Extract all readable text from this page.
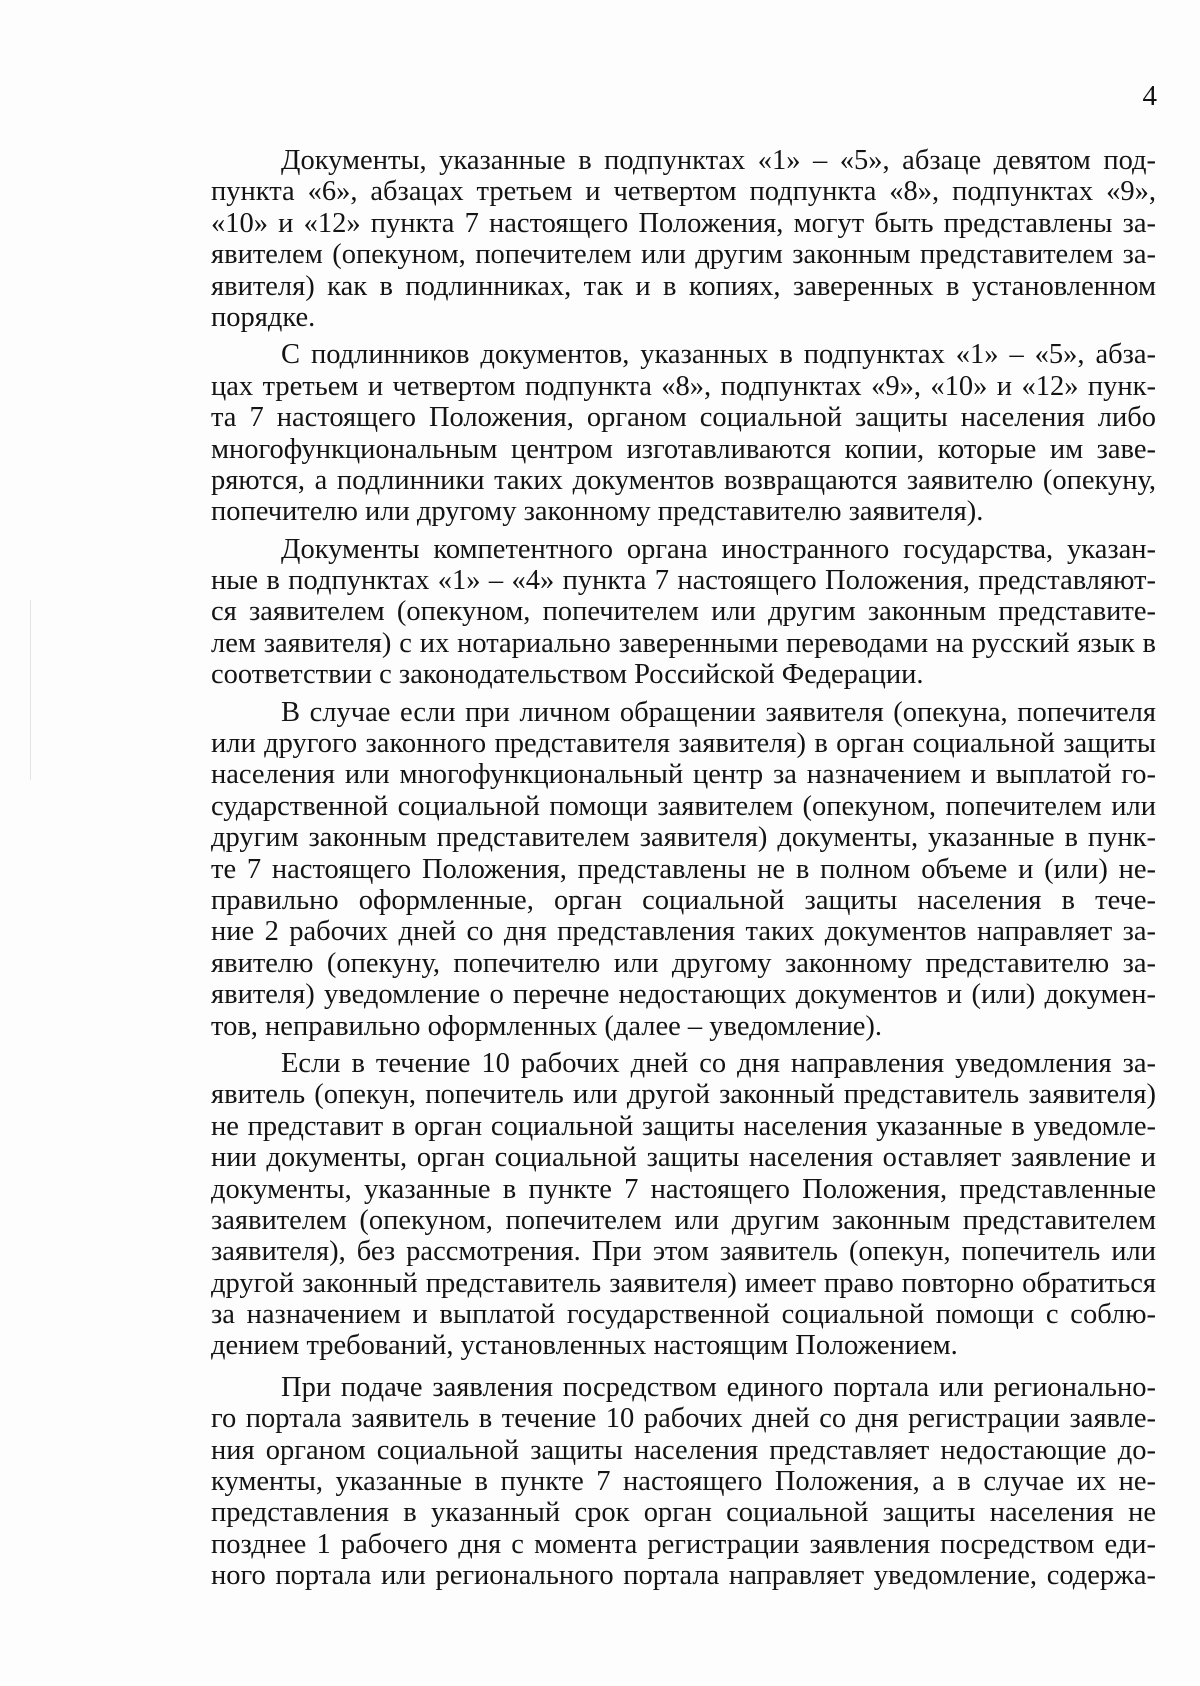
4
Документы, указанные в подпунктах «1» – «5», абзаце девятом под-
пункта «6», абзацах третьем и четвертом подпункта «8», подпунктах «9»,
«10» и «12» пункта 7 настоящего Положения, могут быть представлены за-
явителем (опекуном, попечителем или другим законным представителем за-
явителя) как в подлинниках, так и в копиях, заверенных в установленном
порядке.
С подлинников документов, указанных в подпунктах «1» – «5», абза-
цах третьем и четвертом подпункта «8», подпунктах «9», «10» и «12» пунк-
та 7 настоящего Положения, органом социальной защиты населения либо
многофункциональным центром изготавливаются копии, которые им заве-
ряются, а подлинники таких документов возвращаются заявителю (опекуну,
попечителю или другому законному представителю заявителя).
Документы компетентного органа иностранного государства, указан-
ные в подпунктах «1» – «4» пункта 7 настоящего Положения, представляют-
ся заявителем (опекуном, попечителем или другим законным представите-
лем заявителя) с их нотариально заверенными переводами на русский язык в
соответствии с законодательством Российской Федерации.
В случае если при личном обращении заявителя (опекуна, попечителя
или другого законного представителя заявителя) в орган социальной защиты
населения или многофункциональный центр за назначением и выплатой го-
сударственной социальной помощи заявителем (опекуном, попечителем или
другим законным представителем заявителя) документы, указанные в пунк-
те 7 настоящего Положения, представлены не в полном объеме и (или) не-
правильно оформленные, орган социальной защиты населения в тече-
ние 2 рабочих дней со дня представления таких документов направляет за-
явителю (опекуну, попечителю или другому законному представителю за-
явителя) уведомление о перечне недостающих документов и (или) докумен-
тов, неправильно оформленных (далее – уведомление).
Если в течение 10 рабочих дней со дня направления уведомления за-
явитель (опекун, попечитель или другой законный представитель заявителя)
не представит в орган социальной защиты населения указанные в уведомле-
нии документы, орган социальной защиты населения оставляет заявление и
документы, указанные в пункте 7 настоящего Положения, представленные
заявителем (опекуном, попечителем или другим законным представителем
заявителя), без рассмотрения. При этом заявитель (опекун, попечитель или
другой законный представитель заявителя) имеет право повторно обратиться
за назначением и выплатой государственной социальной помощи с соблю-
дением требований, установленных настоящим Положением.
При подаче заявления посредством единого портала или региональнo-
го портала заявитель в течение 10 рабочих дней со дня регистрации заявле-
ния органом социальной защиты населения представляет недостающие до-
кументы, указанные в пункте 7 настоящего Положения, а в случае их не-
представления в указанный срок орган социальной защиты населения не
позднее 1 рабочего дня с момента регистрации заявления посредством еди-
ного портала или регионального портала направляет уведомление, содержа-
